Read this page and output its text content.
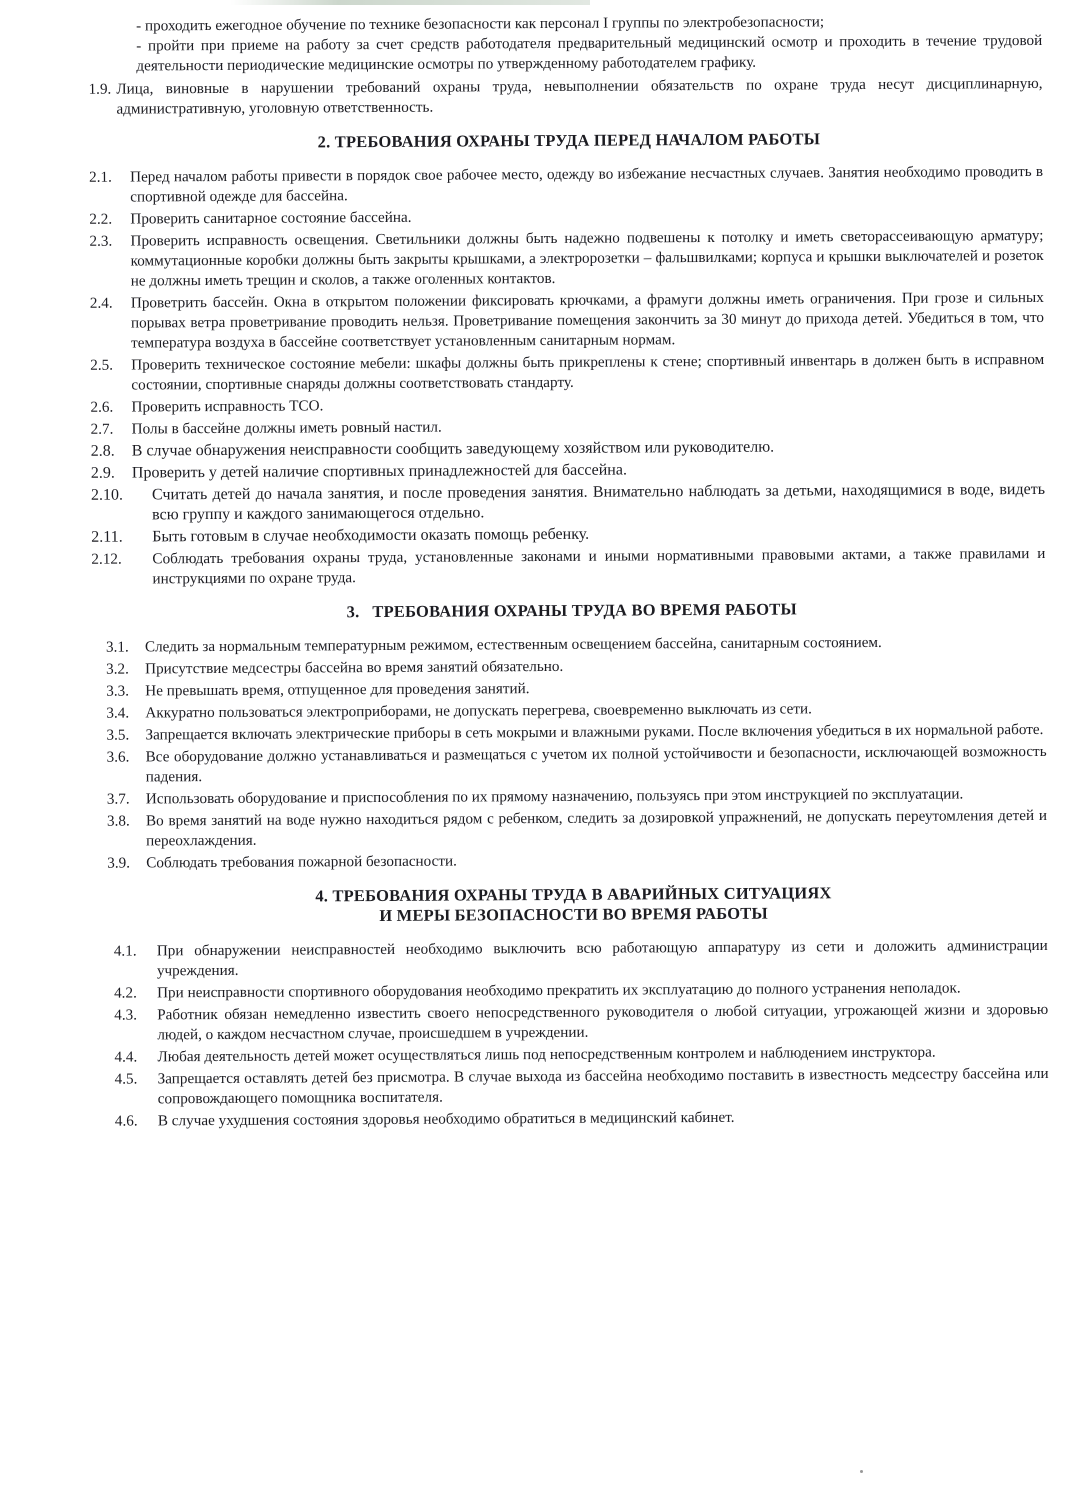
- проходить ежегодное обучение по технике безопасности как персонал I группы по электробезопасности;

- пройти при приеме на работу за счет средств работодателя предварительный медицинский осмотр и проходить в течение трудовой деятельности периодические медицинские осмотры по утвержденному работодателем графику.

1.9. Лица, виновные в нарушении требований охраны труда, невыполнении обязательств по охране труда несут дисциплинарную, административную, уголовную ответственность.
2. ТРЕБОВАНИЯ ОХРАНЫ ТРУДА ПЕРЕД НАЧАЛОМ РАБОТЫ
2.1.	Перед началом работы привести в порядок свое рабочее место, одежду во избежание несчастных случаев. Занятия необходимо проводить в спортивной одежде для бассейна.
2.2.	Проверить санитарное состояние бассейна.
2.3.	Проверить исправность освещения. Светильники должны быть надежно подвешены к потолку и иметь светорассеивающую арматуру; коммутационные коробки должны быть закрыты крышками, а электророзетки – фальшвилками; корпуса и крышки выключателей и розеток не должны иметь трещин и сколов, а также оголенных контактов.
2.4.	Проветрить бассейн. Окна в открытом положении фиксировать крючками, а фрамуги должны иметь ограничения. При грозе и сильных порывах ветра проветривание проводить нельзя. Проветривание помещения закончить за 30 минут до прихода детей. Убедиться в том, что температура воздуха в бассейне соответствует установленным санитарным нормам.
2.5.	Проверить техническое состояние мебели: шкафы должны быть прикреплены к стене; спортивный инвентарь в должен быть в исправном состоянии, спортивные снаряды должны соответствовать стандарту.
2.6.	Проверить исправность ТСО.
2.7.	Полы в бассейне должны иметь ровный настил.
2.8.	В случае обнаружения неисправности сообщить заведующему хозяйством или руководителю.
2.9.	Проверить у детей наличие спортивных принадлежностей для бассейна.
2.10.	Считать детей до начала занятия, и после проведения занятия. Внимательно наблюдать за детьми, находящимися в воде, видеть всю группу и каждого занимающегося отдельно.
2.11.	Быть готовым в случае необходимости оказать помощь ребенку.
2.12.	Соблюдать требования охраны труда, установленные законами и иными нормативными правовыми актами, а также правилами и инструкциями по охране труда.
3.   ТРЕБОВАНИЯ ОХРАНЫ ТРУДА ВО ВРЕМЯ РАБОТЫ
3.1.	Следить за нормальным температурным режимом, естественным освещением бассейна, санитарным состоянием.
3.2.	Присутствие медсестры бассейна во время занятий обязательно.
3.3.	Не превышать время, отпущенное для проведения занятий.
3.4.	Аккуратно пользоваться электроприборами, не допускать перегрева, своевременно выключать из сети.
3.5.	Запрещается включать электрические приборы в сеть мокрыми и влажными руками. После включения убедиться в их нормальной работе.
3.6.	Все оборудование должно устанавливаться и размещаться с учетом их полной устойчивости и безопасности, исключающей возможность падения.
3.7.	Использовать оборудование и приспособления по их прямому назначению, пользуясь при этом инструкцией по эксплуатации.
3.8.	Во время занятий на воде нужно находиться рядом с ребенком, следить за дозировкой упражнений, не допускать переутомления детей и переохлаждения.
3.9.	Соблюдать требования пожарной безопасности.
4. ТРЕБОВАНИЯ ОХРАНЫ ТРУДА В АВАРИЙНЫХ СИТУАЦИЯХ
И МЕРЫ БЕЗОПАСНОСТИ ВО ВРЕМЯ РАБОТЫ
4.1.	При обнаружении неисправностей необходимо выключить всю работающую аппаратуру из сети и доложить администрации учреждения.
4.2.	При неисправности спортивного оборудования необходимо прекратить их эксплуатацию до полного устранения неполадок.
4.3.	Работник обязан немедленно известить своего непосредственного руководителя о любой ситуации, угрожающей жизни и здоровью людей, о каждом несчастном случае, происшедшем в учреждении.
4.4.	Любая деятельность детей может осуществляться лишь под непосредственным контролем и наблюдением инструктора.
4.5.	Запрещается оставлять детей без присмотра. В случае выхода из бассейна необходимо поставить в известность медсестру бассейна или сопровождающего помощника воспитателя.
4.6.	В случае ухудшения состояния здоровья необходимо обратиться в медицинский кабинет.
